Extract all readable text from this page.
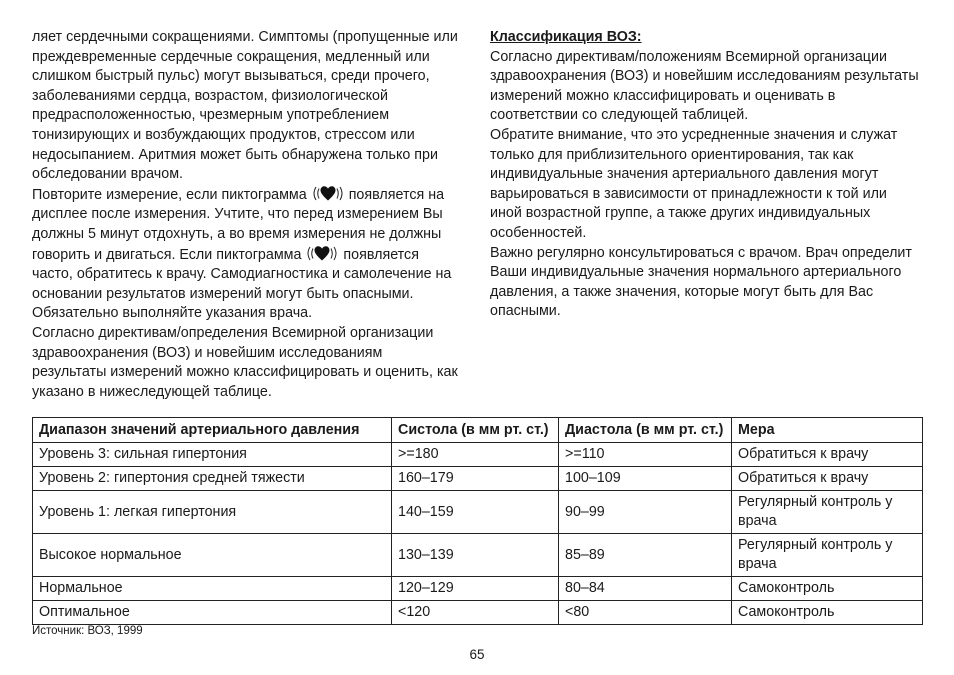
ляет сердечными сокращениями. Симптомы (пропущенные или преждевременные сердечные сокращения, медленный или слишком быстрый пульс) могут вызываться, среди прочего, заболеваниями сердца, возрастом, физиологической предрасположенностью, чрезмерным употреблением тонизирующих и возбуждающих продуктов, стрессом или недосыпанием. Аритмия может быть обнаружена только при обследовании врачом.

Повторите измерение, если пиктограмма	появляется на дисплее после измерения. Учтите, что перед измерением Вы должны 5 минут отдохнуть, а во время измерения не должны говорить и двигаться. Если пиктограмма	появляется часто, обратитесь к врачу. Самодиагностика и самолечение на основании результатов измерений могут быть опасными. Обязательно выполняйте указания врача.

Согласно директивам/определения Всемирной организации здравоохранения (ВОЗ) и новейшим исследованиям результаты измерений можно классифицировать и оценить, как указано в нижеследующей таблице.

Классификация ВОЗ:

Согласно директивам/положениям Всемирной организации здравоохранения (ВОЗ) и новейшим исследованиям результаты измерений можно классифицировать и оценивать в соответствии со следующей таблицей.

Обратите внимание, что это усредненные значения и служат только для приблизительного ориентирования, так как индивидуальные значения артериального давления могут варьироваться в зависимости от принадлежности к той или иной возрастной группе, а также других индивидуальных особенностей.

Важно регулярно консультироваться с врачом. Врач определит Ваши индивидуальные значения нормального артериального давления, а также значения, которые могут быть для Вас опасными.

Диапазон значений артериального давления	Систола (в мм рт. ст.)	Диастола (в мм рт. ст.)	Мера
Уровень 3: сильная гипертония	>=180	>=110	Обратиться к врачу
Уровень 2: гипертония средней тяжести	160–179	100–109	Обратиться к врачу
Уровень 1: легкая гипертония	140–159	90–99	Регулярный контроль у врача
Высокое нормальное	130–139	85–89	Регулярный контроль у врача
Нормальное	120–129	80–84	Самоконтроль
Оптимальное	<120	<80	Самоконтроль
Источник: ВОЗ, 1999
65
